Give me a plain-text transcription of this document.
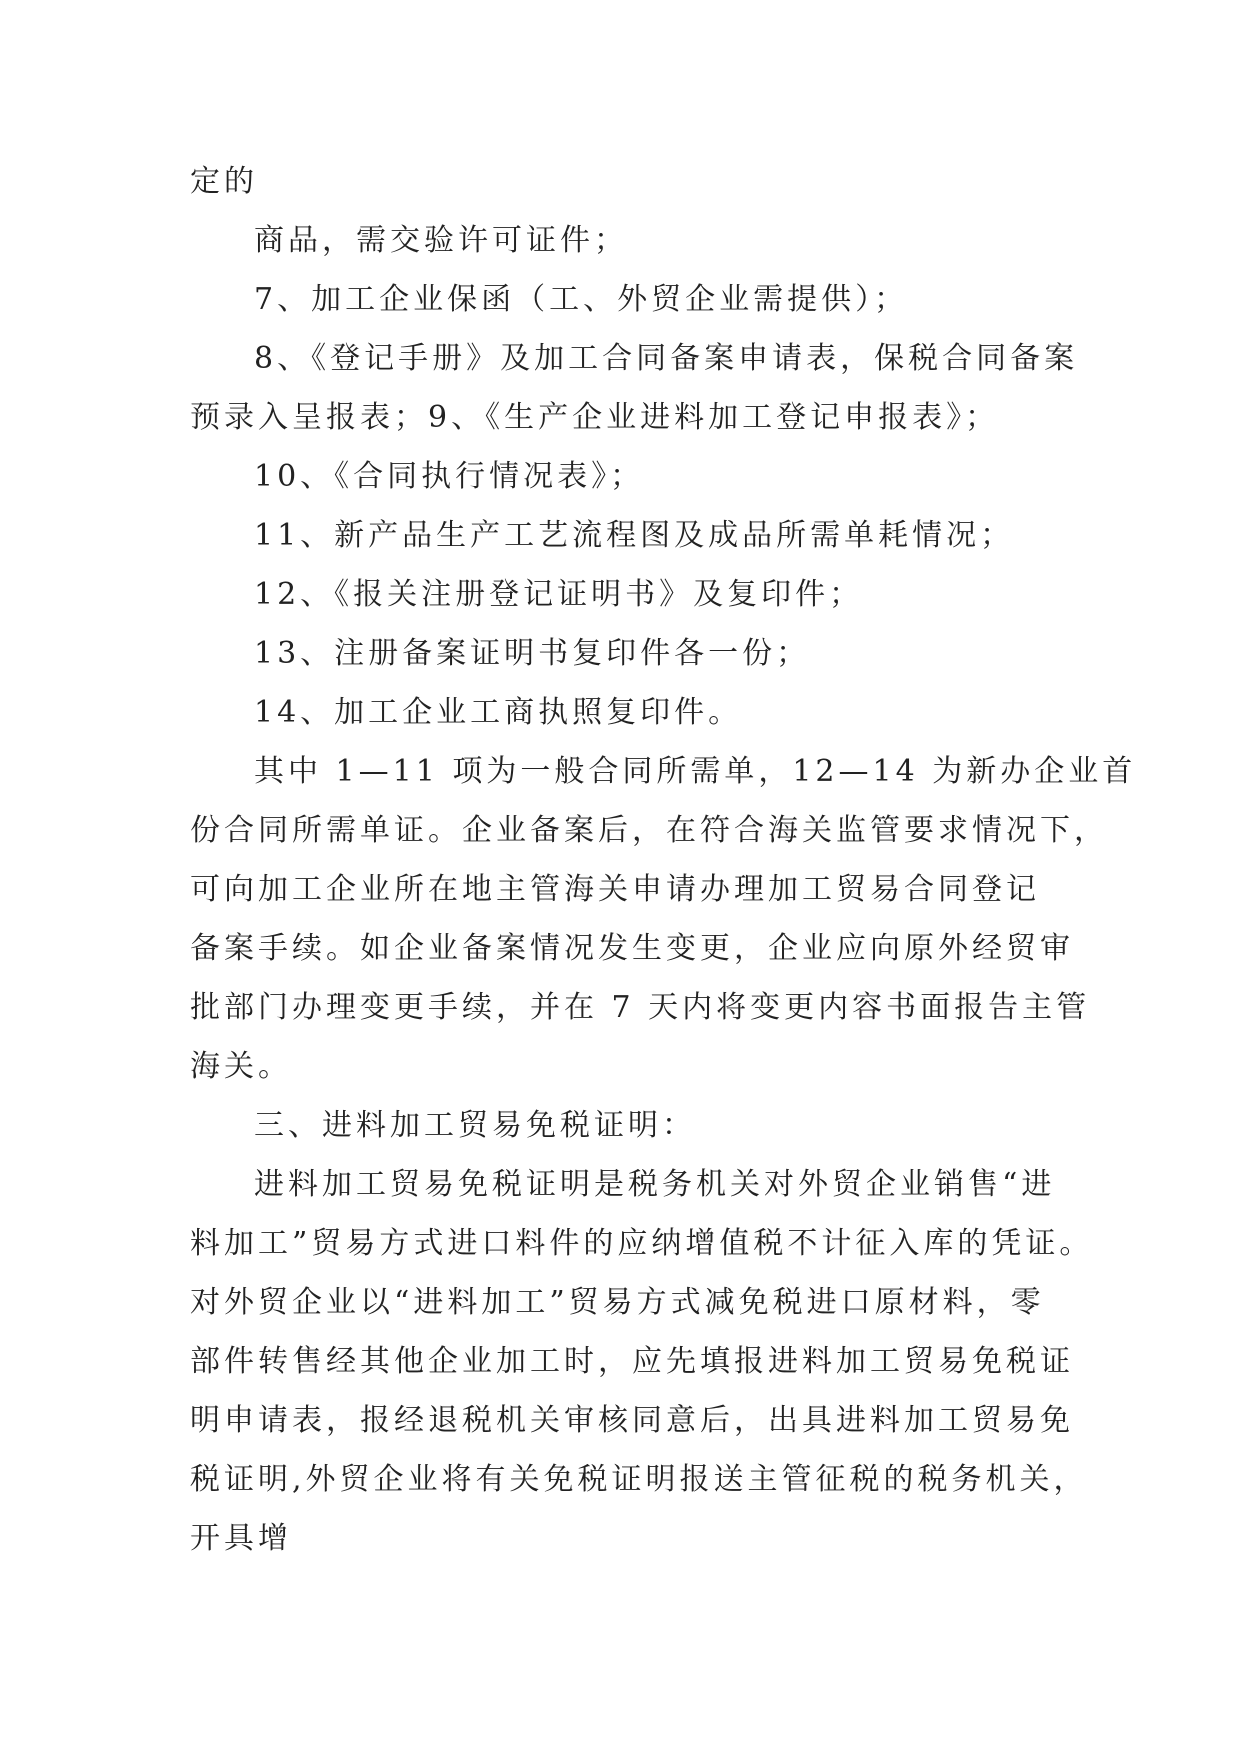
定的
商品，需交验许可证件；
7、加工企业保函（工、外贸企业需提供）；
8、《登记手册》及加工合同备案申请表，保税合同备案
预录入呈报表；9、《生产企业进料加工登记申报表》；
10、《合同执行情况表》；
11、新产品生产工艺流程图及成品所需单耗情况；
12、《报关注册登记证明书》及复印件；
13、注册备案证明书复印件各一份；
14、加工企业工商执照复印件。
其中 1—11 项为一般合同所需单，12—14 为新办企业首
份合同所需单证。企业备案后，在符合海关监管要求情况下，
可向加工企业所在地主管海关申请办理加工贸易合同登记
备案手续。如企业备案情况发生变更，企业应向原外经贸审
批部门办理变更手续，并在 7 天内将变更内容书面报告主管
海关。
三、进料加工贸易免税证明：
进料加工贸易免税证明是税务机关对外贸企业销售“进
料加工”贸易方式进口料件的应纳增值税不计征入库的凭证。
对外贸企业以“进料加工”贸易方式减免税进口原材料，零
部件转售经其他企业加工时，应先填报进料加工贸易免税证
明申请表，报经退税机关审核同意后，出具进料加工贸易免
税证明,外贸企业将有关免税证明报送主管征税的税务机关，
开具增
